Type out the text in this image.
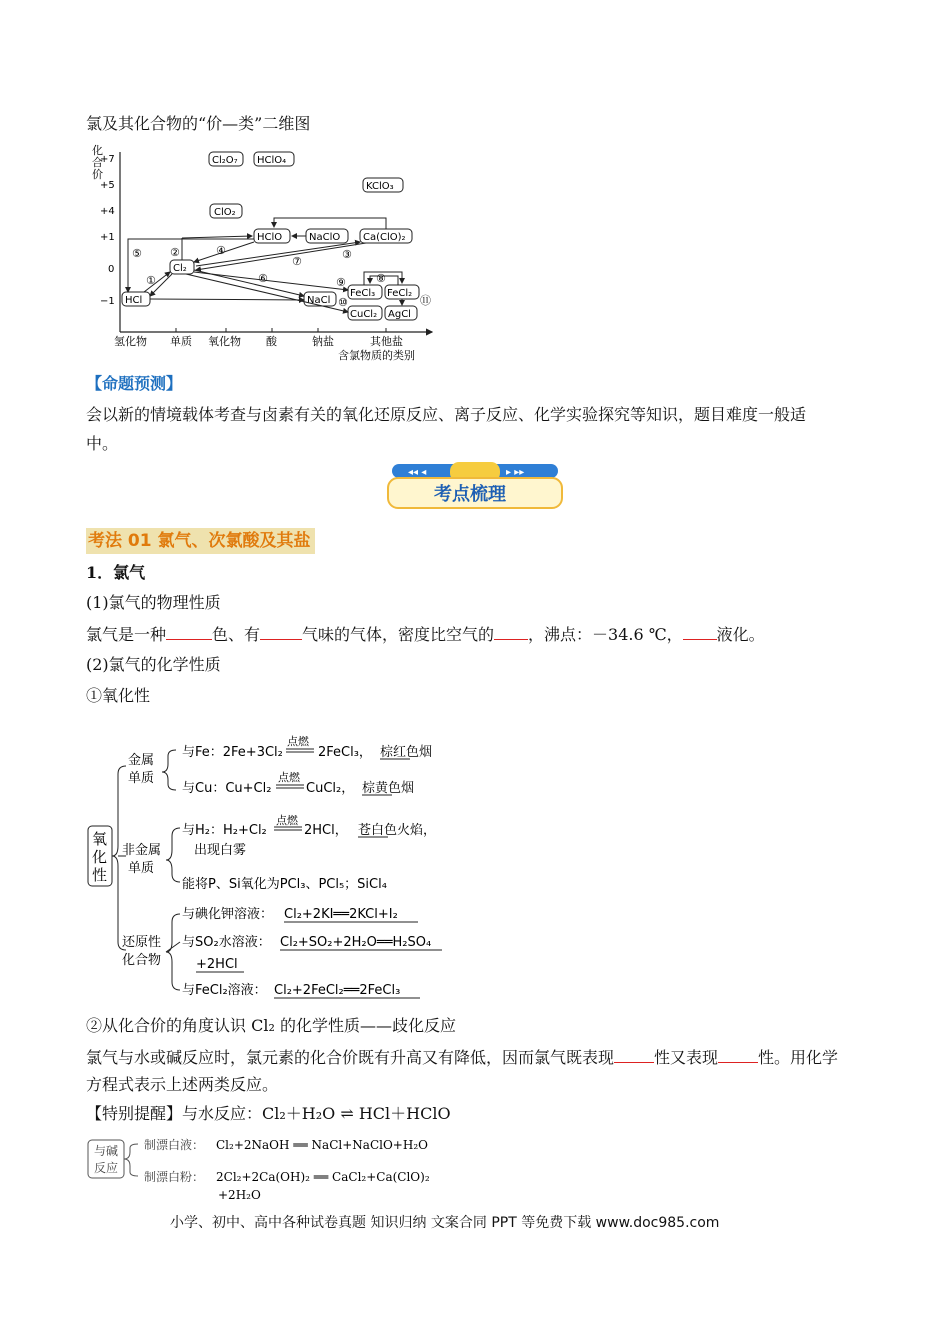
氯及其化合物的“价—类”二维图
化
合
价
+7
+5
+4
+1
0
−1
氢化物 单质 氧化物 酸	钠盐	其他盐
含氯物质的类别
Cl₂O₇ HClO₄
KClO₃
ClO₂
HClO	NaClO Ca(ClO)₂
Cl₂
HCl	NaCl
FeCl₃ FeCl₂
CuCl₂ AgCl
⑤
①
②	④	③
⑦
⑥	⑨
⑩
⑧
⑪
【命题预测】
会以新的情境载体考查与卤素有关的氧化还原反应、离子反应、化学实验探究等知识，题目难度一般适
中。
◂◂ ◂	▸ ▸▸
考点梳理
考法 01 氯气、次氯酸及其盐
1．氯气
(1)氯气的物理性质
氯气是一种	色、有	气味的气体，密度比空气的 ，沸点：－34.6 ℃， 液化。
(2)氯气的化学性质
①氧化性
氧
化
性
金属
单质
与Fe：2Fe+3Cl₂
点燃
2FeCl₃， 棕红色烟
与Cu：Cu+Cl₂
点燃
CuCl₂， 棕黄色烟
非金属
单质
与H₂：H₂+Cl₂
点燃
2HCl， 苍白色火焰，
出现白雾
能将P、Si氧化为PCl₃、PCl₅；SiCl₄
还原性
化合物
与碘化钾溶液： Cl₂+2KI══2KCl+I₂
与SO₂水溶液： Cl₂+SO₂+2H₂O══H₂SO₄
+2HCl
与FeCl₂溶液： Cl₂+2FeCl₂══2FeCl₃
②从化合价的角度认识 Cl₂ 的化学性质——歧化反应
氯气与水或碱反应时，氯元素的化合价既有升高又有降低，因而氯气既表现	性又表现	性。用化学
方程式表示上述两类反应。
【特别提醒】与水反应：Cl₂＋H₂O ⇌ HCl＋HClO
与碱
反应
制漂白液： Cl₂+2NaOH ══ NaCl+NaClO+H₂O
制漂白粉： 2Cl₂+2Ca(OH)₂ ══ CaCl₂+Ca(ClO)₂
+2H₂O
小学、初中、高中各种试卷真题 知识归纳 文案合同 PPT 等免费下载 www.doc985.com
